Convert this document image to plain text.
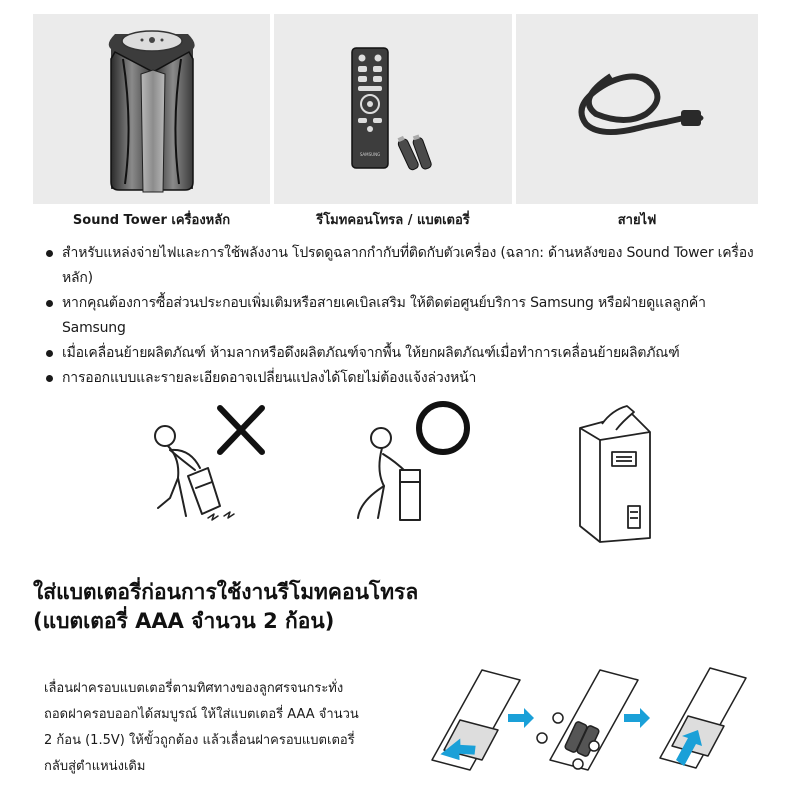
SAMSUNG
Sound Tower เครื่องหลัก	รีโมทคอนโทรล / แบตเตอรี่	สายไฟ
สำหรับแหล่งจ่ายไฟและการใช้พลังงาน โปรดดูฉลากกำกับที่ติดกับตัวเครื่อง (ฉลาก: ด้านหลังของ Sound Tower เครื่องหลัก)
หากคุณต้องการซื้อส่วนประกอบเพิ่มเติมหรือสายเคเบิลเสริม ให้ติดต่อศูนย์บริการ Samsung หรือฝ่ายดูแลลูกค้า Samsung
เมื่อเคลื่อนย้ายผลิตภัณฑ์ ห้ามลากหรือดึงผลิตภัณฑ์จากพื้น ให้ยกผลิตภัณฑ์เมื่อทำการเคลื่อนย้ายผลิตภัณฑ์
การออกแบบและรายละเอียดอาจเปลี่ยนแปลงได้โดยไม่ต้องแจ้งล่วงหน้า
ใส่แบตเตอรี่ก่อนการใช้งานรีโมทคอนโทรล
(แบตเตอรี่ AAA จำนวน 2 ก้อน)
เลื่อนฝาครอบแบตเตอรี่ตามทิศทางของลูกศรจนกระทั่ง
ถอดฝาครอบออกได้สมบูรณ์ ให้ใส่แบตเตอรี่ AAA จำนวน
2 ก้อน (1.5V) ให้ขั้วถูกต้อง แล้วเลื่อนฝาครอบแบตเตอรี่
กลับสู่ตำแหน่งเดิม
